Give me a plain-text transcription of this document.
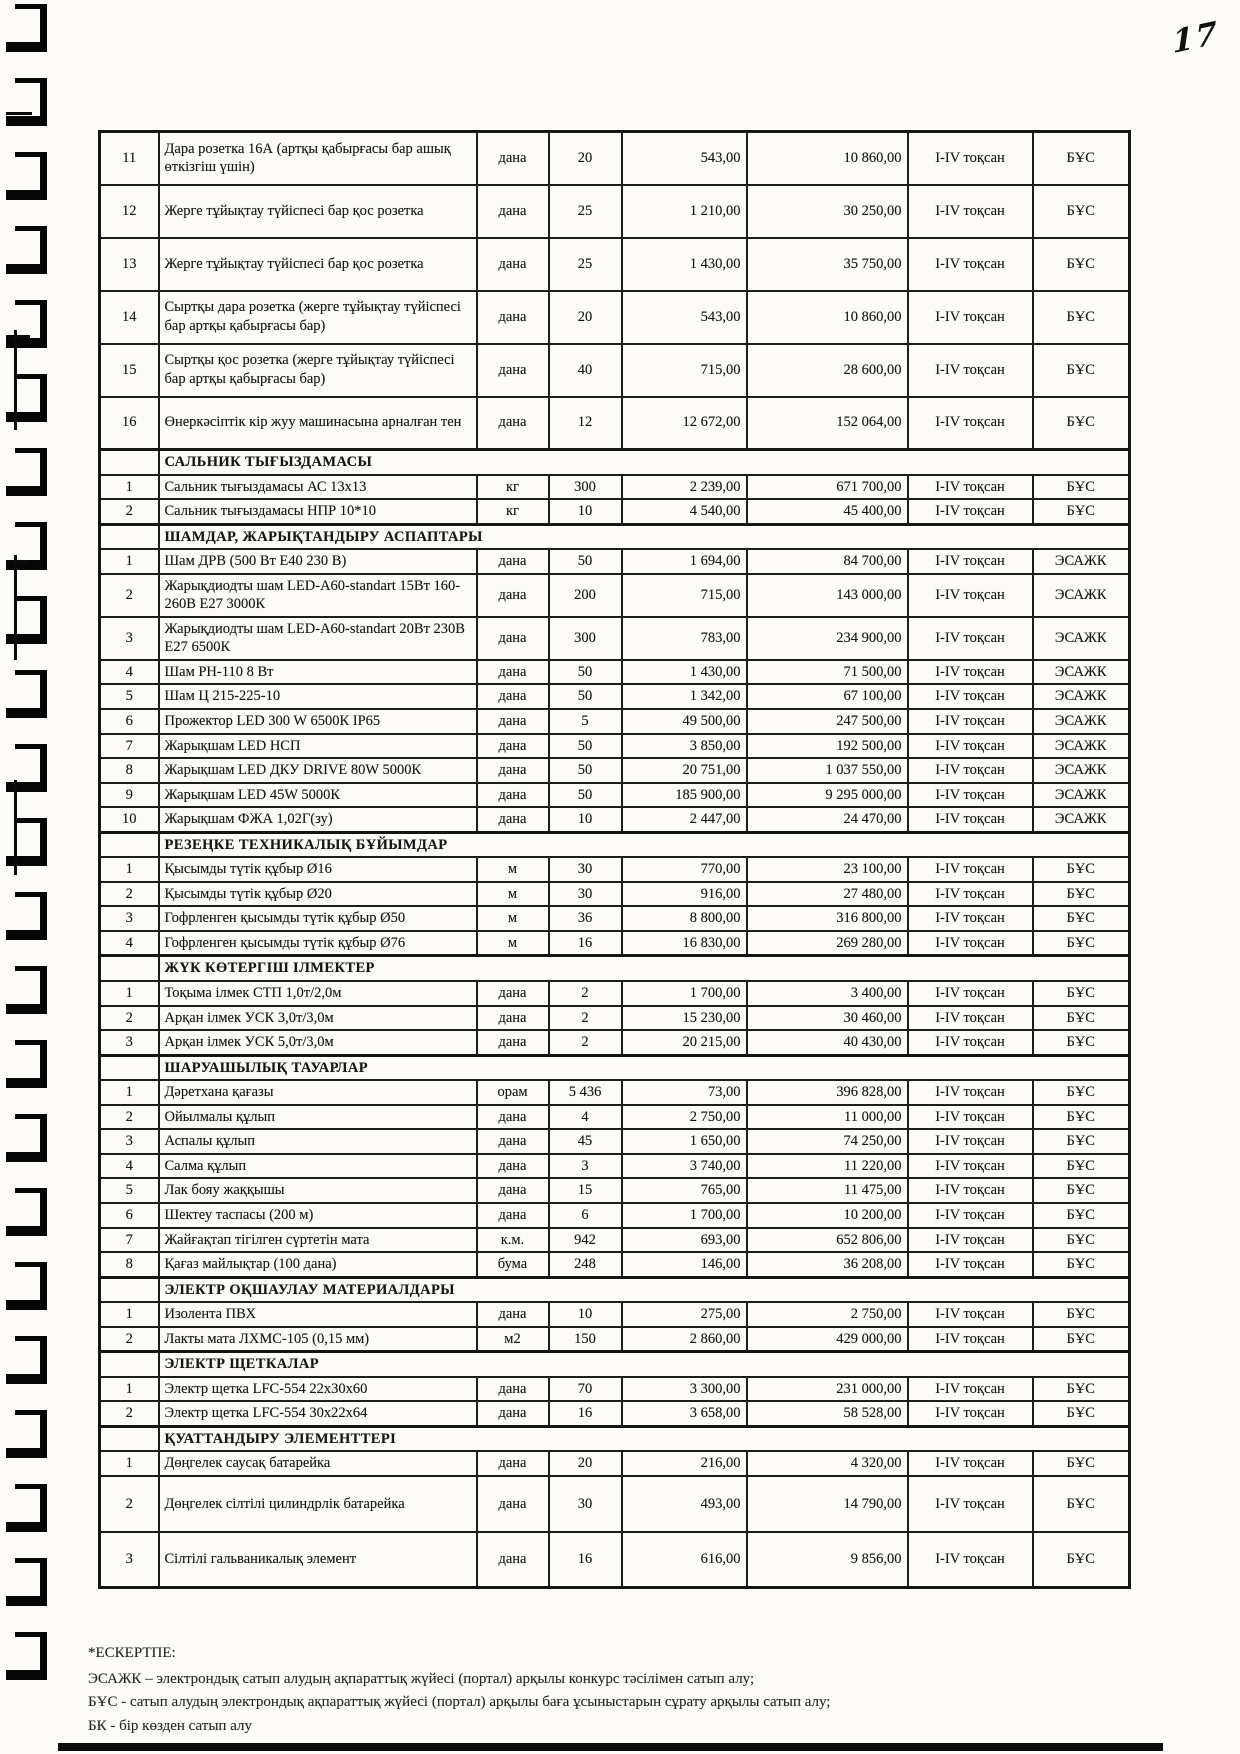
17
11	Дара розетка 16А (артқы қабырғасы бар ашық өткізгіш үшін)	дана	20	543,00	10 860,00	I-IV тоқсан	БҰС
12	Жерге тұйықтау түйіспесі бар қос розетка	дана	25	1 210,00	30 250,00	I-IV тоқсан	БҰС
13	Жерге тұйықтау түйіспесі бар қос розетка	дана	25	1 430,00	35 750,00	I-IV тоқсан	БҰС
14	Сыртқы дара розетка (жерге тұйықтау түйіспесі бар артқы қабырғасы бар)	дана	20	543,00	10 860,00	I-IV тоқсан	БҰС
15	Сыртқы қос розетка (жерге тұйықтау түйіспесі бар артқы қабырғасы бар)	дана	40	715,00	28 600,00	I-IV тоқсан	БҰС
16	Өнеркәсіптік кір жуу машинасына арналған тен	дана	12	12 672,00	152 064,00	I-IV тоқсан	БҰС
	САЛЬНИК ТЫҒЫЗДАМАСЫ						
1	Сальник тығыздамасы АС 13х13	кг	300	2 239,00	671 700,00	I-IV тоқсан	БҰС
2	Сальник тығыздамасы НПР 10*10	кг	10	4 540,00	45 400,00	I-IV тоқсан	БҰС
	ШАМДАР, ЖАРЫҚТАНДЫРУ АСПАПТАРЫ						
1	Шам ДРВ (500 Вт Е40 230 В)	дана	50	1 694,00	84 700,00	I-IV тоқсан	ЭСАЖК
2	Жарықдиодты шам LED-А60-standart 15Вт 160-260В Е27 3000К	дана	200	715,00	143 000,00	I-IV тоқсан	ЭСАЖК
3	Жарықдиодты шам LED-А60-standart 20Вт 230В Е27 6500К	дана	300	783,00	234 900,00	I-IV тоқсан	ЭСАЖК
4	Шам РН-110 8 Вт	дана	50	1 430,00	71 500,00	I-IV тоқсан	ЭСАЖК
5	Шам Ц 215-225-10	дана	50	1 342,00	67 100,00	I-IV тоқсан	ЭСАЖК
6	Прожектор LED 300 W 6500К IP65	дана	5	49 500,00	247 500,00	I-IV тоқсан	ЭСАЖК
7	Жарықшам LED НСП	дана	50	3 850,00	192 500,00	I-IV тоқсан	ЭСАЖК
8	Жарықшам LED ДКУ DRIVE 80W 5000К	дана	50	20 751,00	1 037 550,00	I-IV тоқсан	ЭСАЖК
9	Жарықшам LED 45W 5000К	дана	50	185 900,00	9 295 000,00	I-IV тоқсан	ЭСАЖК
10	Жарықшам ФЖА 1,02Г(зу)	дана	10	2 447,00	24 470,00	I-IV тоқсан	ЭСАЖК
	РЕЗЕҢКЕ ТЕХНИКАЛЫҚ БҰЙЫМДАР						
1	Қысымды түтік құбыр Ø16	м	30	770,00	23 100,00	I-IV тоқсан	БҰС
2	Қысымды түтік құбыр Ø20	м	30	916,00	27 480,00	I-IV тоқсан	БҰС
3	Гофрленген қысымды түтік құбыр Ø50	м	36	8 800,00	316 800,00	I-IV тоқсан	БҰС
4	Гофрленген қысымды түтік құбыр Ø76	м	16	16 830,00	269 280,00	I-IV тоқсан	БҰС
	ЖҮК КӨТЕРГІШ ІЛМЕКТЕР						
1	Тоқыма ілмек СТП 1,0т/2,0м	дана	2	1 700,00	3 400,00	I-IV тоқсан	БҰС
2	Арқан ілмек УСК 3,0т/3,0м	дана	2	15 230,00	30 460,00	I-IV тоқсан	БҰС
3	Арқан ілмек УСК 5,0т/3,0м	дана	2	20 215,00	40 430,00	I-IV тоқсан	БҰС
	ШАРУАШЫЛЫҚ ТАУАРЛАР						
1	Дәретхана қағазы	орам	5 436	73,00	396 828,00	I-IV тоқсан	БҰС
2	Ойылмалы құлып	дана	4	2 750,00	11 000,00	I-IV тоқсан	БҰС
3	Аспалы құлып	дана	45	1 650,00	74 250,00	I-IV тоқсан	БҰС
4	Салма құлып	дана	3	3 740,00	11 220,00	I-IV тоқсан	БҰС
5	Лак бояу жаққышы	дана	15	765,00	11 475,00	I-IV тоқсан	БҰС
6	Шектеу таспасы (200 м)	дана	6	1 700,00	10 200,00	I-IV тоқсан	БҰС
7	Жайғақтап тігілген сүртетін мата	к.м.	942	693,00	652 806,00	I-IV тоқсан	БҰС
8	Қағаз майлықтар (100 дана)	бума	248	146,00	36 208,00	I-IV тоқсан	БҰС
	ЭЛЕКТР ОҚШАУЛАУ МАТЕРИАЛДАРЫ						
1	Изолента ПВХ	дана	10	275,00	2 750,00	I-IV тоқсан	БҰС
2	Лакты мата ЛХМС-105 (0,15 мм)	м2	150	2 860,00	429 000,00	I-IV тоқсан	БҰС
	ЭЛЕКТР ЩЕТКАЛАР						
1	Электр щетка LFC-554 22х30х60	дана	70	3 300,00	231 000,00	I-IV тоқсан	БҰС
2	Электр щетка LFC-554 30х22х64	дана	16	3 658,00	58 528,00	I-IV тоқсан	БҰС
	ҚУАТТАНДЫРУ ЭЛЕМЕНТТЕРІ						
1	Дөңгелек саусақ батарейка	дана	20	216,00	4 320,00	I-IV тоқсан	БҰС
2	Дөңгелек сілтілі цилиндрлік батарейка	дана	30	493,00	14 790,00	I-IV тоқсан	БҰС
3	Сілтілі гальваникалық элемент	дана	16	616,00	9 856,00	I-IV тоқсан	БҰС
*ЕСКЕРТПЕ:
ЭСАЖК – электрондық сатып алудың ақпараттық жүйесі (портал) арқылы конкурс тәсілімен сатып алу;
БҰС - сатып алудың электрондық ақпараттық жүйесі (портал) арқылы баға ұсыныстарын сұрату арқылы сатып алу;
БК - бір көзден сатып алу
